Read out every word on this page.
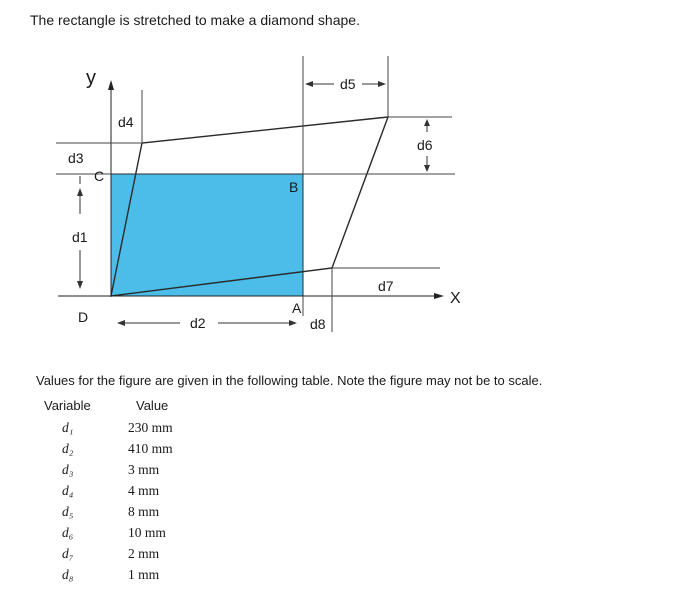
The rectangle is stretched to make a diamond shape.

y
X
d1
d2
d3
d4
d5
d6
d7
d8
A
B
C
D

Values for the figure are given in the following table. Note the figure may not be to scale.

Variable	Value
d₁	230 mm
d₂	410 mm
d₃	3 mm
d₄	4 mm
d₅	8 mm
d₆	10 mm
d₇	2 mm
d₈	1 mm
